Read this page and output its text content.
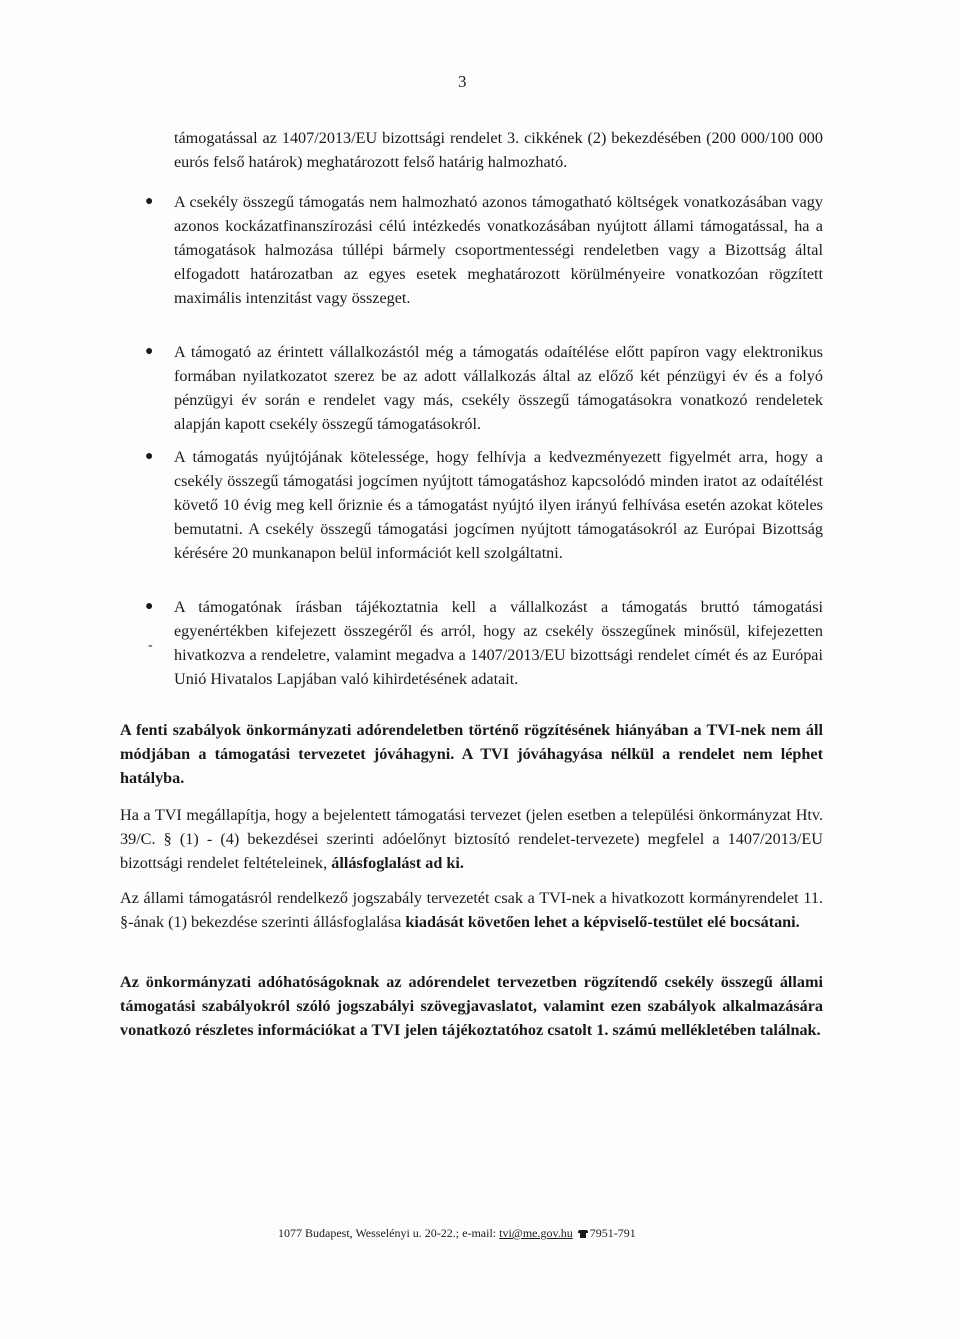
3
támogatással az 1407/2013/EU bizottsági rendelet 3. cikkének (2) bekezdésében (200 000/100 000 eurós felső határok) meghatározott felső határig halmozható.
● A csekély összegű támogatás nem halmozható azonos támogatható költségek vonatkozásában vagy azonos kockázatfinanszírozási célú intézkedés vonatkozásában nyújtott állami támogatással, ha a támogatások halmozása túllépi bármely csoportmentességi rendeletben vagy a Bizottság által elfogadott határozatban az egyes esetek meghatározott körülményeire vonatkozóan rögzített maximális intenzitást vagy összeget.
● A támogató az érintett vállalkozástól még a támogatás odaítélése előtt papíron vagy elektronikus formában nyilatkozatot szerez be az adott vállalkozás által az előző két pénzügyi év és a folyó pénzügyi év során e rendelet vagy más, csekély összegű támogatásokra vonatkozó rendeletek alapján kapott csekély összegű támogatásokról.
● A támogatás nyújtójának kötelessége, hogy felhívja a kedvezményezett figyelmét arra, hogy a csekély összegű támogatási jogcímen nyújtott támogatáshoz kapcsolódó minden iratot az odaítélést követő 10 évig meg kell őriznie és a támogatást nyújtó ilyen irányú felhívása esetén azokat köteles bemutatni. A csekély összegű támogatási jogcímen nyújtott támogatásokról az Európai Bizottság kérésére 20 munkanapon belül információt kell szolgáltatni.
● A támogatónak írásban tájékoztatnia kell a vállalkozást a támogatás bruttó támogatási egyenértékben kifejezett összegéről és arról, hogy az csekély összegűnek minősül, kifejezetten hivatkozva a rendeletre, valamint megadva a 1407/2013/EU bizottsági rendelet címét és az Európai Unió Hivatalos Lapjában való kihirdetésének adatait.
-
A fenti szabályok önkormányzati adórendeletben történő rögzítésének hiányában a TVI-nek nem áll módjában a támogatási tervezetet jóváhagyni. A TVI jóváhagyása nélkül a rendelet nem léphet hatályba.
Ha a TVI megállapítja, hogy a bejelentett támogatási tervezet (jelen esetben a települési önkormányzat Htv. 39/C. § (1) - (4) bekezdései szerinti adóelőnyt biztosító rendelet-tervezete) megfelel a 1407/2013/EU bizottsági rendelet feltételeinek, állásfoglalást ad ki.
Az állami támogatásról rendelkező jogszabály tervezetét csak a TVI-nek a hivatkozott kormányrendelet 11. §-ának (1) bekezdése szerinti állásfoglalása kiadását követően lehet a képviselő-testület elé bocsátani.
Az önkormányzati adóhatóságoknak az adórendelet tervezetben rögzítendő csekély összegű állami támogatási szabályokról szóló jogszabályi szövegjavaslatot, valamint ezen szabályok alkalmazására vonatkozó részletes információkat a TVI jelen tájékoztatóhoz csatolt 1. számú mellékletében találnak.
1077 Budapest, Wesselényi u. 20-22.; e-mail: tvi@me.gov.hu 7951-791
